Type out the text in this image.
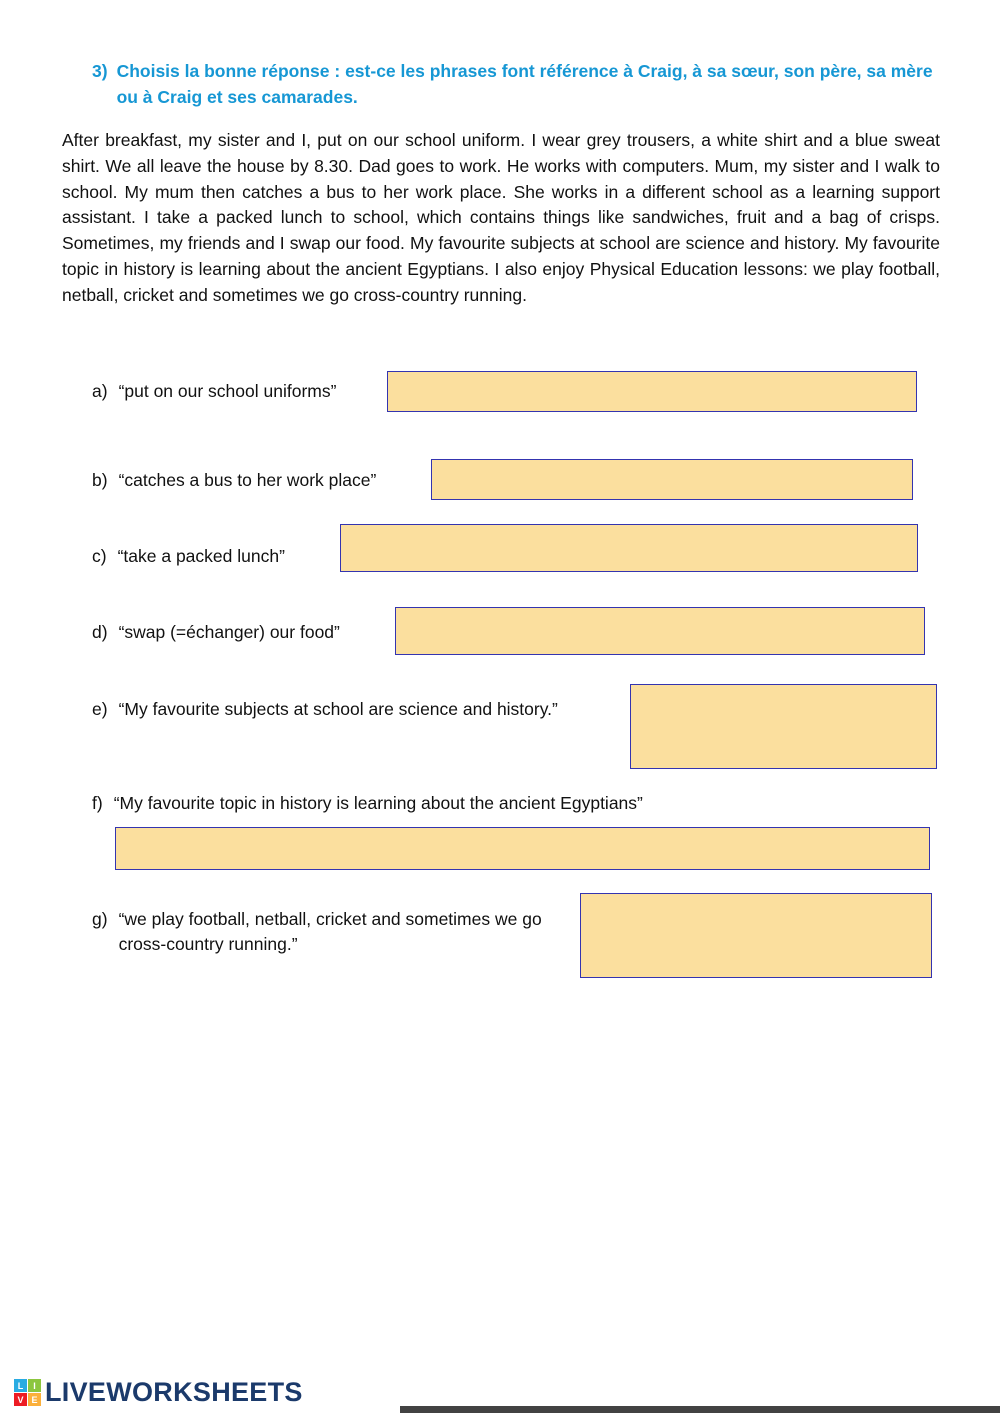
3) Choisis la bonne réponse : est-ce les phrases font référence à Craig, à sa sœur, son père, sa mère ou à Craig et ses camarades.
After breakfast, my sister and I, put on our school uniform. I wear grey trousers, a white shirt and a blue sweat shirt. We all leave the house by 8.30. Dad goes to work. He works with computers. Mum, my sister and I walk to school. My mum then catches a bus to her work place. She works in a different school as a learning support assistant. I take a packed lunch to school, which contains things like sandwiches, fruit and a bag of crisps. Sometimes, my friends and I swap our food. My favourite subjects at school are science and history. My favourite topic in history is learning about the ancient Egyptians. I also enjoy Physical Education lessons: we play football, netball, cricket and sometimes we go cross-country running.
a) “put on our school uniforms”
b) “catches a bus to her work place”
c) “take a packed lunch”
d) “swap (=échanger) our food”
e) “My favourite subjects at school are science and history.”
f) “My favourite topic in history is learning about the ancient Egyptians”
g) “we play football, netball, cricket and sometimes we go cross-country running.”
L	I
V E LIVEWORKSHEETS
